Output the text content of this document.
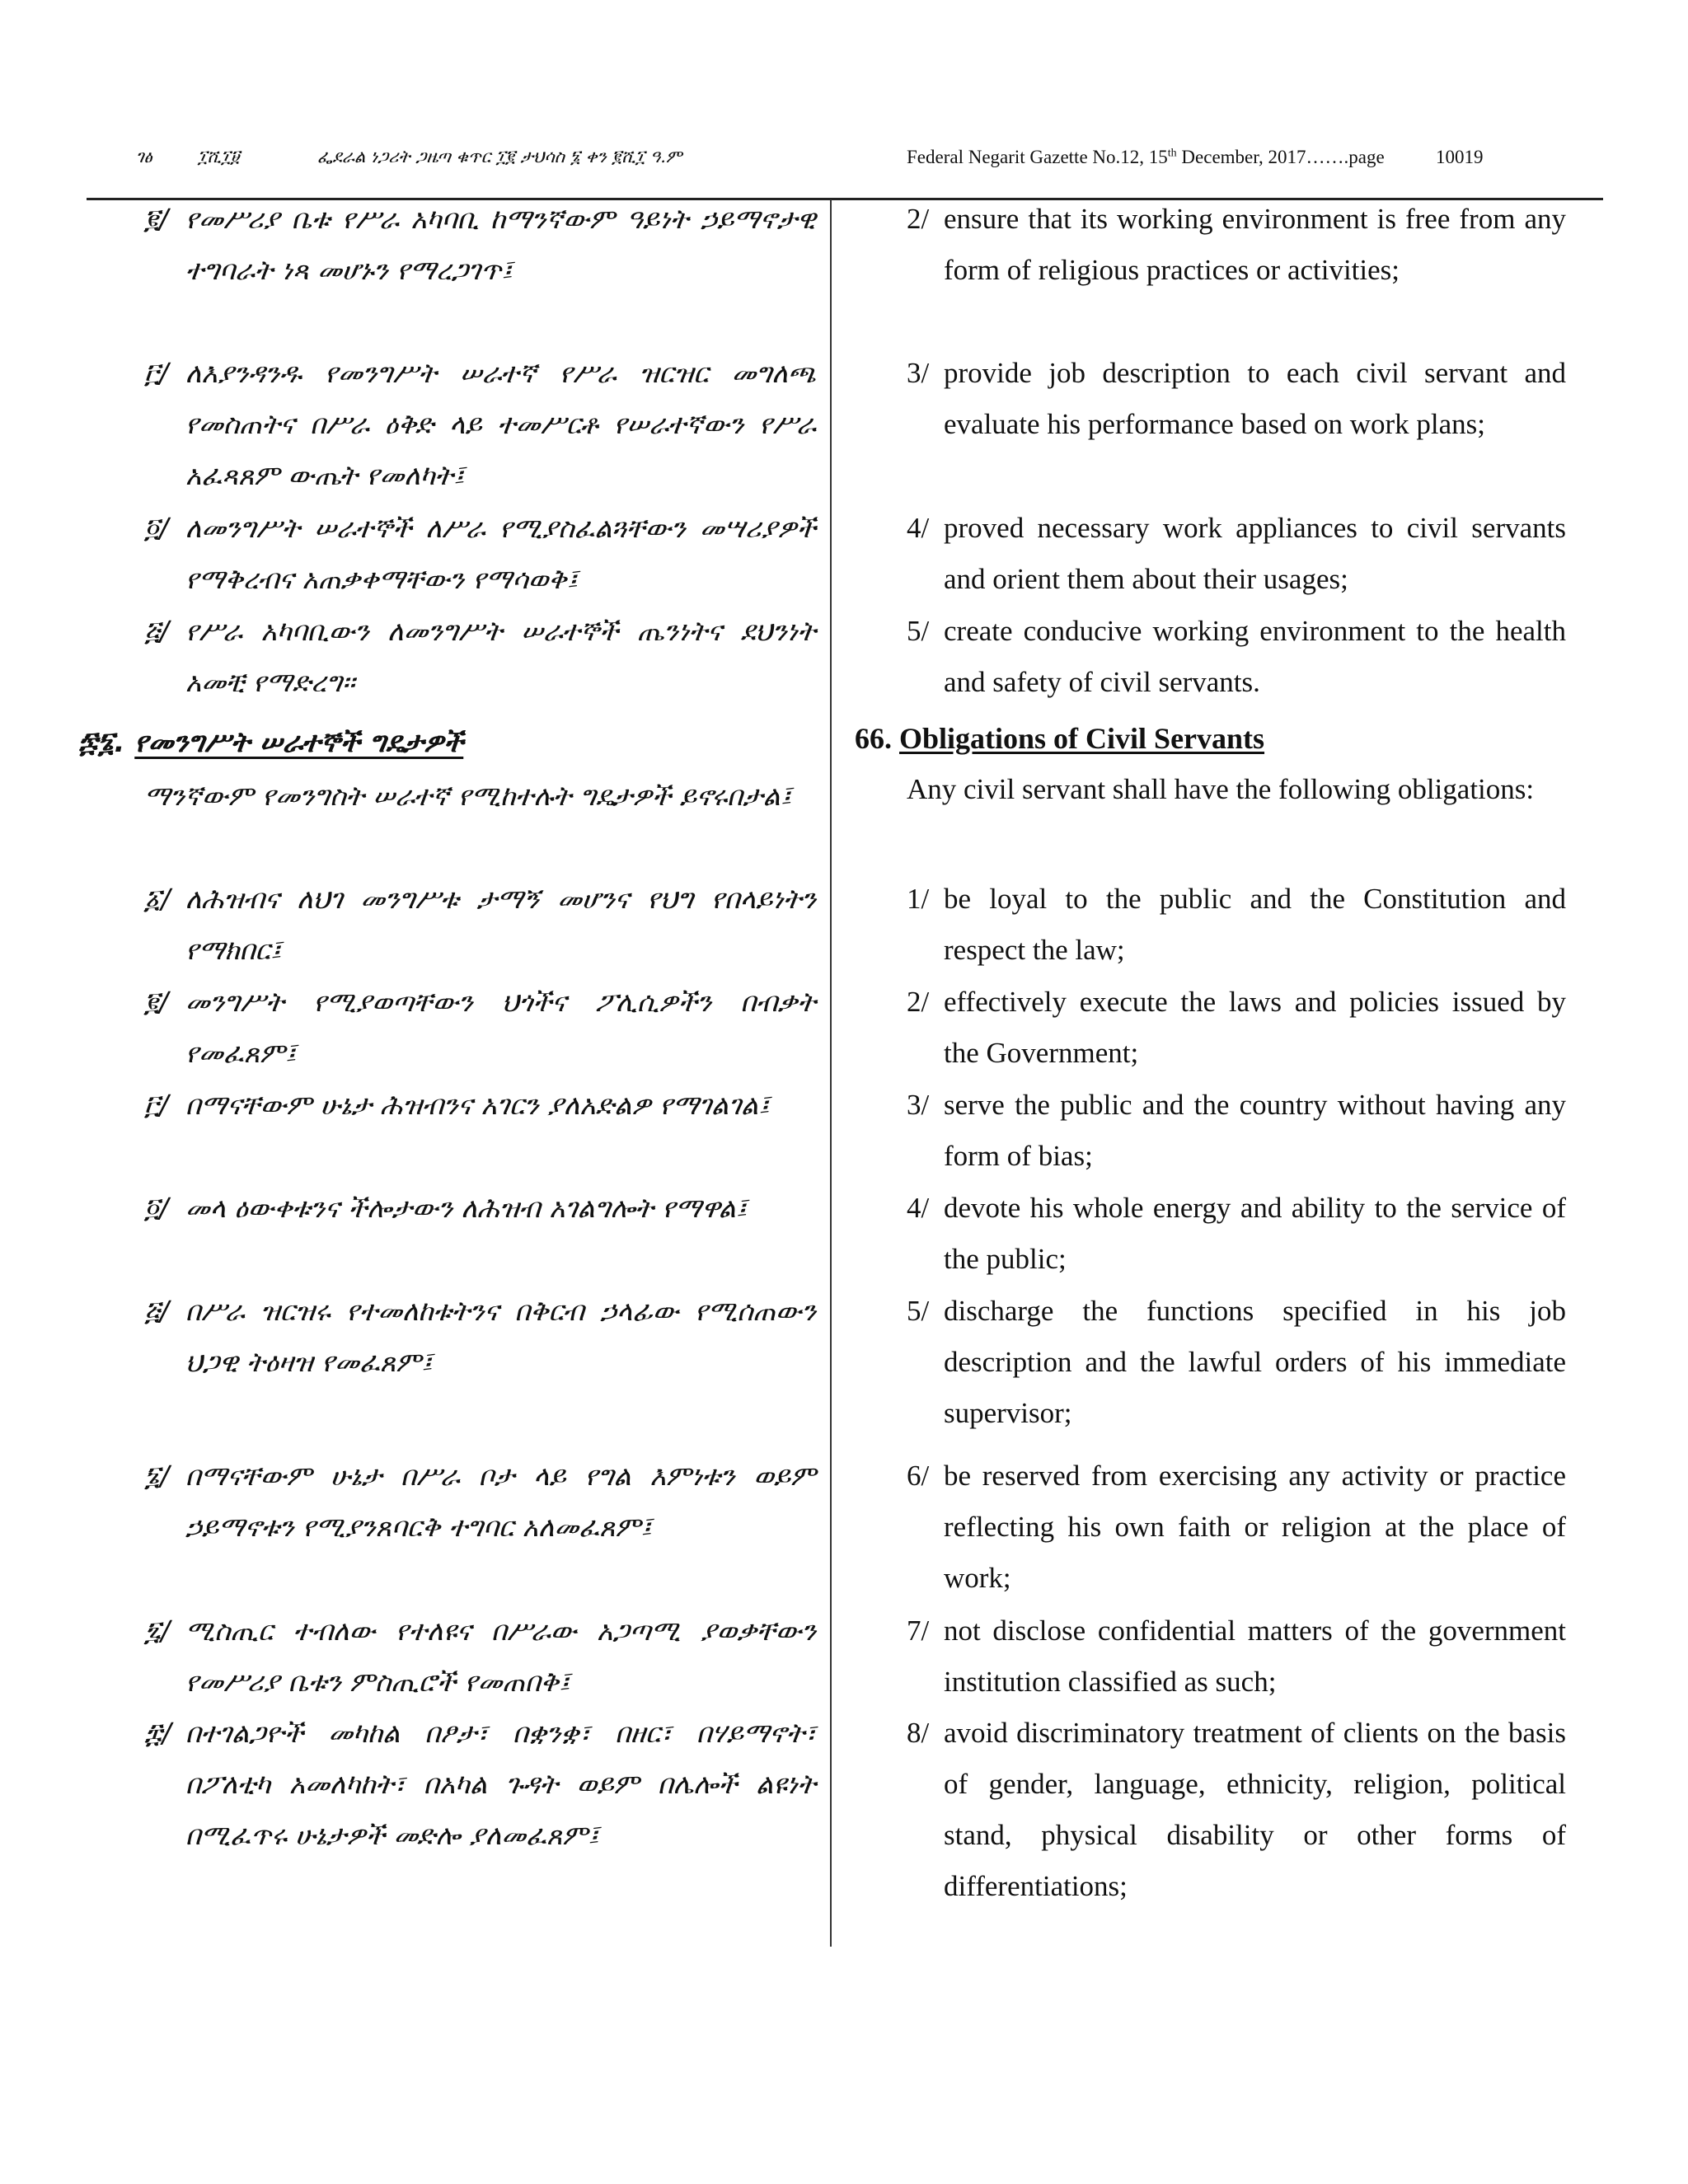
ገፅ	፲ሺ፲፱	ፌደራል ነጋሪት ጋዜጣ ቁጥር ፲፪ ታህሳስ ፮ ቀን ፪ሺ፲ ዓ.ም	Federal Negarit Gazette No.12, 15th December, 2017…….page	10019
፪/ የመሥሪያ ቤቱ የሥራ አካባቢ ከማንኛውም ዓይነት ኃይማኖታዊ ተግባራት ነጻ መሆኑን የማረጋገጥ፤
፫/ ለእያንዳንዱ የመንግሥት ሠራተኛ የሥራ ዝርዝር መግለጫ የመስጠትና በሥራ ዕቅድ ላይ ተመሥርቶ የሠራተኛውን የሥራ አፈጻጸም ውጤት የመለካት፤
፬/ ለመንግሥት ሠራተኞች ለሥራ የሚያስፈልጓቸውን መሣሪያዎች የማቅረብና አጠቃቀማቸውን የማሳወቅ፤
፭/ የሥራ አካባቢውን ለመንግሥት ሠራተኞች ጤንነትና ደህንነት አመቺ የማድረግ፡፡
፷፮. የመንግሥት ሠራተኞች ግዴታዎች
ማንኛውም የመንግስት ሠራተኛ የሚከተሉት ግዴታዎች ይኖሩበታል፤
፩/ ለሕዝብና ለህገ መንግሥቱ ታማኝ መሆንና የህግ የበላይነትን የማክበር፤
፪/ መንግሥት የሚያወጣቸውን ህጎችና ፖሊሲዎችን በብቃት የመፈጸም፤
፫/ በማናቸውም ሁኔታ ሕዝብንና አገርን ያለአድልዎ የማገልገል፤
፬/ መላ ዕውቀቱንና ችሎታውን ለሕዝብ አገልግሎት የማዋል፤
፭/ በሥራ ዝርዝሩ የተመለከቱትንና በቅርብ ኃላፊው የሚሰጠውን ህጋዊ ትዕዛዝ የመፈጸም፤
፮/ በማናቸውም ሁኔታ በሥራ ቦታ ላይ የግል እምነቱን ወይም ኃይማኖቱን የሚያንጸባርቅ ተግባር አለመፈጸም፤
፯/ ሚስጢር ተብለው የተለዩና በሥራው አጋጣሚ ያወቃቸውን የመሥሪያ ቤቱን ምስጢሮች የመጠበቅ፤
፰/ በተገልጋዮች መካከል በፆታ፣ በቋንቋ፣ በዘር፣ በሃይማኖት፣ በፖለቲካ አመለካከት፣ በአካል ጉዳት ወይም በሌሎች ልዩነት በሚፈጥሩ ሁኔታዎች መድሎ ያለመፈጸም፤
2/ ensure that its working environment is free from any form of religious practices or activities;
3/ provide job description to each civil servant and evaluate his performance based on work plans;
4/ proved necessary work appliances to civil servants and orient them about their usages;
5/ create conducive working environment to the health and safety of civil servants.
66. Obligations of Civil Servants
Any civil servant shall have the following obligations:
1/ be loyal to the public and the Constitution and respect the law;
2/ effectively execute the laws and policies issued by the Government;
3/ serve the public and the country without having any form of bias;
4/ devote his whole energy and ability to the service of the public;
5/ discharge the functions specified in his job description and the lawful orders of his immediate supervisor;
6/ be reserved from exercising any activity or practice reflecting his own faith or religion at the place of work;
7/ not disclose confidential matters of the government institution classified as such;
8/ avoid discriminatory treatment of clients on the basis of gender, language, ethnicity, religion, political stand, physical disability or other forms of differentiations;
